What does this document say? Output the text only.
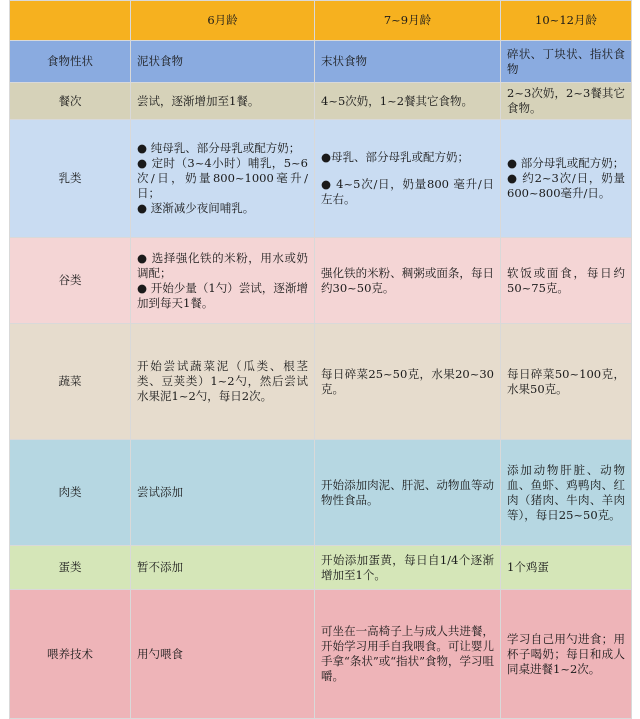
	6月龄	7~9月龄	10~12月龄
食物性状	泥状食物	末状食物	碎状、丁块状、指状食物

餐次	尝试，逐渐增加至1餐。	4~5次奶，1~2餐其它食物。	2~3次奶，2~3餐其它食物。

乳类	● 纯母乳、部分母乳或配方奶；
● 定时（3~4小时）哺乳，5~6次/日，奶量800~1000毫升/日；
● 逐渐减少夜间哺乳。	●母乳、部分母乳或配方奶；
● 4~5次/日，奶量800 毫升/日左右。	● 部分母乳或配方奶；
● 约2~3次/日，奶量600~800毫升/日。

谷类	● 选择强化铁的米粉，用水或奶调配；
● 开始少量（1勺）尝试，逐渐增加到每天1餐。	强化铁的米粉、稠粥或面条，每日约30~50克。	软饭或面食，每日约50~75克。

蔬菜	开始尝试蔬菜泥（瓜类、根茎类、豆荚类）1~2勺，然后尝试水果泥1~2勺，每日2次。	每日碎菜25~50克，水果20~30克。	每日碎菜50~100克，水果50克。

肉类	尝试添加	开始添加肉泥、肝泥、动物血等动物性食品。	添加动物肝脏、动物血、鱼虾、鸡鸭肉、红肉（猪肉、牛肉、羊肉等），每日25~50克。

蛋类	暂不添加	开始添加蛋黄，每日自1/4个逐渐增加至1个。	1个鸡蛋

喂养技术	用勺喂食	可坐在一高椅子上与成人共进餐，开始学习用手自我喂食。可让婴儿手拿“条状”或“指状”食物，学习咀嚼。	学习自己用勺进食；用杯子喝奶；每日和成人同桌进餐1~2次。
